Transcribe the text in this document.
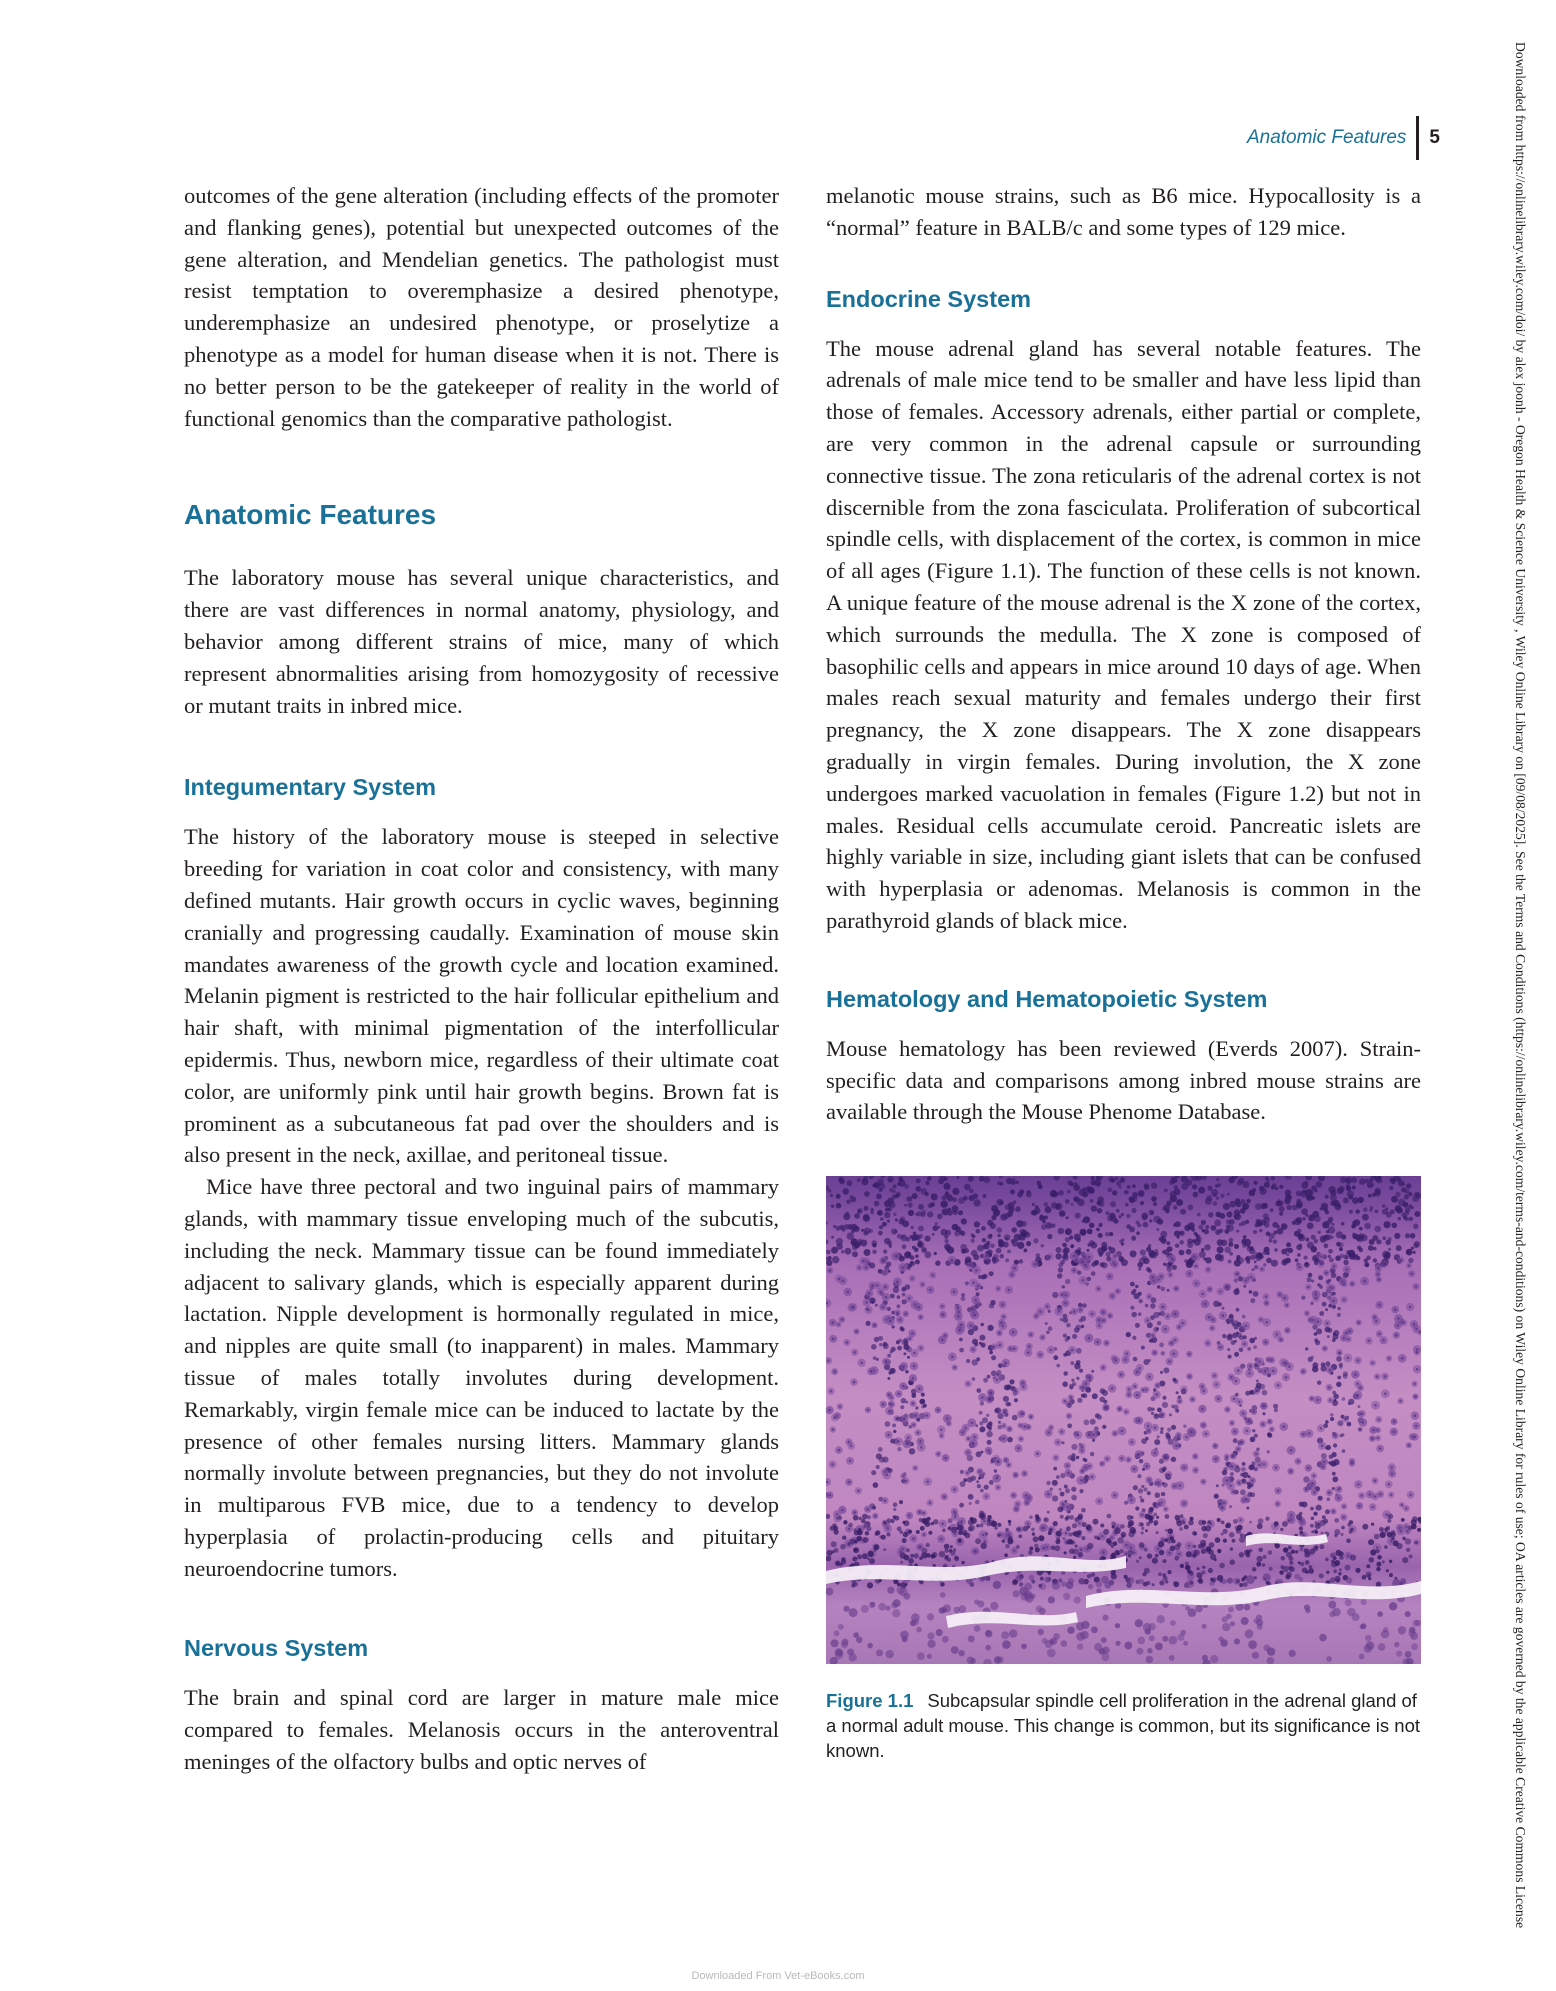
Anatomic Features	5

outcomes of the gene alteration (including effects of the promoter and flanking genes), potential but unexpected outcomes of the gene alteration, and Mendelian genetics. The pathologist must resist temptation to overemphasize a desired phenotype, underemphasize an undesired phenotype, or proselytize a phenotype as a model for human disease when it is not. There is no better person to be the gatekeeper of reality in the world of functional genomics than the comparative pathologist.

Anatomic Features

The laboratory mouse has several unique characteristics, and there are vast differences in normal anatomy, physiology, and behavior among different strains of mice, many of which represent abnormalities arising from homozygosity of recessive or mutant traits in inbred mice.

Integumentary System

The history of the laboratory mouse is steeped in selective breeding for variation in coat color and consistency, with many defined mutants. Hair growth occurs in cyclic waves, beginning cranially and progressing caudally. Examination of mouse skin mandates awareness of the growth cycle and location examined. Melanin pigment is restricted to the hair follicular epithelium and hair shaft, with minimal pigmentation of the interfollicular epidermis. Thus, newborn mice, regardless of their ultimate coat color, are uniformly pink until hair growth begins. Brown fat is prominent as a subcutaneous fat pad over the shoulders and is also present in the neck, axillae, and peritoneal tissue.

Mice have three pectoral and two inguinal pairs of mammary glands, with mammary tissue enveloping much of the subcutis, including the neck. Mammary tissue can be found immediately adjacent to salivary glands, which is especially apparent during lactation. Nipple development is hormonally regulated in mice, and nipples are quite small (to inapparent) in males. Mammary tissue of males totally involutes during development. Remarkably, virgin female mice can be induced to lactate by the presence of other females nursing litters. Mammary glands normally involute between pregnancies, but they do not involute in multiparous FVB mice, due to a tendency to develop hyperplasia of prolactin-producing cells and pituitary neuroendocrine tumors.

Nervous System

The brain and spinal cord are larger in mature male mice compared to females. Melanosis occurs in the anteroventral meninges of the olfactory bulbs and optic nerves of

melanotic mouse strains, such as B6 mice. Hypocallosity is a “normal” feature in BALB/c and some types of 129 mice.

Endocrine System

The mouse adrenal gland has several notable features. The adrenals of male mice tend to be smaller and have less lipid than those of females. Accessory adrenals, either partial or complete, are very common in the adrenal capsule or surrounding connective tissue. The zona reticularis of the adrenal cortex is not discernible from the zona fasciculata. Proliferation of subcortical spindle cells, with displacement of the cortex, is common in mice of all ages (Figure 1.1). The function of these cells is not known. A unique feature of the mouse adrenal is the X zone of the cortex, which surrounds the medulla. The X zone is composed of basophilic cells and appears in mice around 10 days of age. When males reach sexual maturity and females undergo their first pregnancy, the X zone disappears. The X zone disappears gradually in virgin females. During involution, the X zone undergoes marked vacuolation in females (Figure 1.2) but not in males. Residual cells accumulate ceroid. Pancreatic islets are highly variable in size, including giant islets that can be confused with hyperplasia or adenomas. Melanosis is common in the parathyroid glands of black mice.

Hematology and Hematopoietic System

Mouse hematology has been reviewed (Everds 2007). Strain-specific data and comparisons among inbred mouse strains are available through the Mouse Phenome Database.

Figure 1.1 Subcapsular spindle cell proliferation in the adrenal gland of a normal adult mouse. This change is common, but its significance is not known.	Downloaded from https://onlinelibrary.wiley.com/doi/ by alex joonh - Oregon Health & Science University , Wiley Online Library on [09/08/2025]. See the Terms and Conditions (https://onlinelibrary.wiley.com/terms-and-conditions) on Wiley Online Library for rules of use; OA articles are governed by the applicable Creative Commons License
Downloaded From Vet-eBooks.com
